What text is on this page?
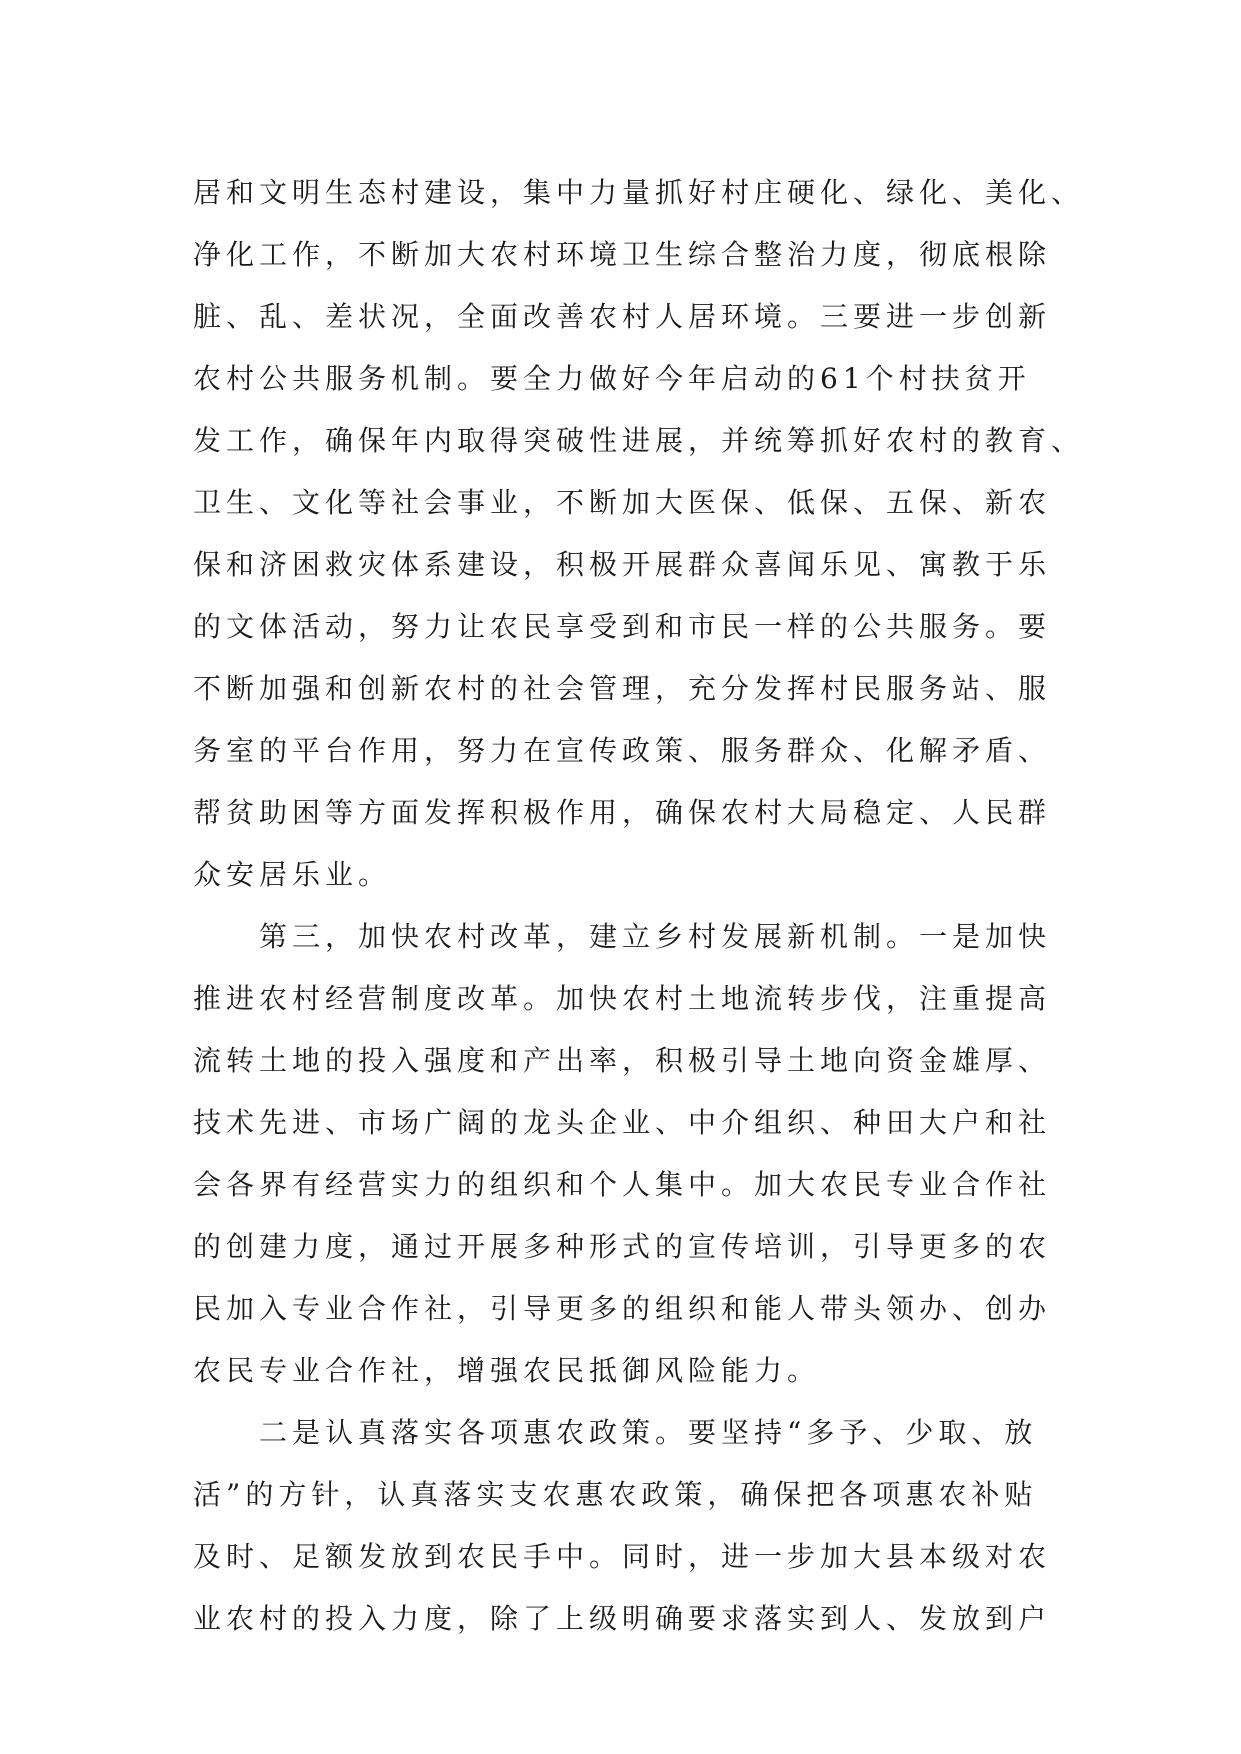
居和文明生态村建设，集中力量抓好村庄硬化、绿化、美化、
净化工作，不断加大农村环境卫生综合整治力度，彻底根除
脏、乱、差状况，全面改善农村人居环境。三要进一步创新
农村公共服务机制。要全力做好今年启动的61个村扶贫开
发工作，确保年内取得突破性进展，并统筹抓好农村的教育、
卫生、文化等社会事业，不断加大医保、低保、五保、新农
保和济困救灾体系建设，积极开展群众喜闻乐见、寓教于乐
的文体活动，努力让农民享受到和市民一样的公共服务。要
不断加强和创新农村的社会管理，充分发挥村民服务站、服
务室的平台作用，努力在宣传政策、服务群众、化解矛盾、
帮贫助困等方面发挥积极作用，确保农村大局稳定、人民群
众安居乐业。
第三，加快农村改革，建立乡村发展新机制。一是加快
推进农村经营制度改革。加快农村土地流转步伐，注重提高
流转土地的投入强度和产出率，积极引导土地向资金雄厚、
技术先进、市场广阔的龙头企业、中介组织、种田大户和社
会各界有经营实力的组织和个人集中。加大农民专业合作社
的创建力度，通过开展多种形式的宣传培训，引导更多的农
民加入专业合作社，引导更多的组织和能人带头领办、创办
农民专业合作社，增强农民抵御风险能力。
二是认真落实各项惠农政策。要坚持“多予、少取、放
活”的方针，认真落实支农惠农政策，确保把各项惠农补贴
及时、足额发放到农民手中。同时，进一步加大县本级对农
业农村的投入力度，除了上级明确要求落实到人、发放到户
